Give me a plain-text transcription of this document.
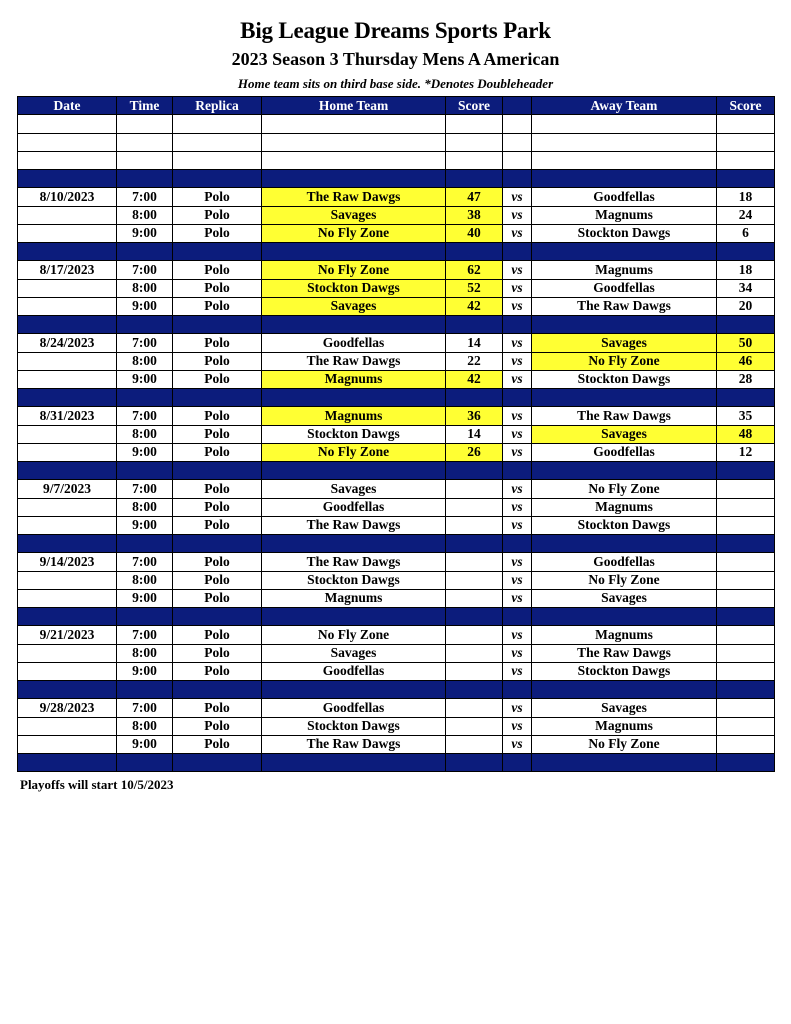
Big League Dreams Sports Park
2023 Season 3 Thursday Mens A American
Home team sits on third base side. *Denotes Doubleheader
Date	Time	Replica	Home Team	Score		Away Team	Score

8/10/2023	7:00	Polo	The Raw Dawgs	47	vs	Goodfellas	18
	8:00	Polo	Savages	38	vs	Magnums	24
	9:00	Polo	No Fly Zone	40	vs	Stockton Dawgs	6

8/17/2023	7:00	Polo	No Fly Zone	62	vs	Magnums	18
	8:00	Polo	Stockton Dawgs	52	vs	Goodfellas	34
	9:00	Polo	Savages	42	vs	The Raw Dawgs	20

8/24/2023	7:00	Polo	Goodfellas	14	vs	Savages	50
	8:00	Polo	The Raw Dawgs	22	vs	No Fly Zone	46
	9:00	Polo	Magnums	42	vs	Stockton Dawgs	28

8/31/2023	7:00	Polo	Magnums	36	vs	The Raw Dawgs	35
	8:00	Polo	Stockton Dawgs	14	vs	Savages	48
	9:00	Polo	No Fly Zone	26	vs	Goodfellas	12

9/7/2023	7:00	Polo	Savages		vs	No Fly Zone	
	8:00	Polo	Goodfellas		vs	Magnums	
	9:00	Polo	The Raw Dawgs		vs	Stockton Dawgs	

9/14/2023	7:00	Polo	The Raw Dawgs		vs	Goodfellas	
	8:00	Polo	Stockton Dawgs		vs	No Fly Zone	
	9:00	Polo	Magnums		vs	Savages	

9/21/2023	7:00	Polo	No Fly Zone		vs	Magnums	
	8:00	Polo	Savages		vs	The Raw Dawgs	
	9:00	Polo	Goodfellas		vs	Stockton Dawgs	

9/28/2023	7:00	Polo	Goodfellas		vs	Savages	
	8:00	Polo	Stockton Dawgs		vs	Magnums	
	9:00	Polo	The Raw Dawgs		vs	No Fly Zone	

Playoffs will start 10/5/2023
